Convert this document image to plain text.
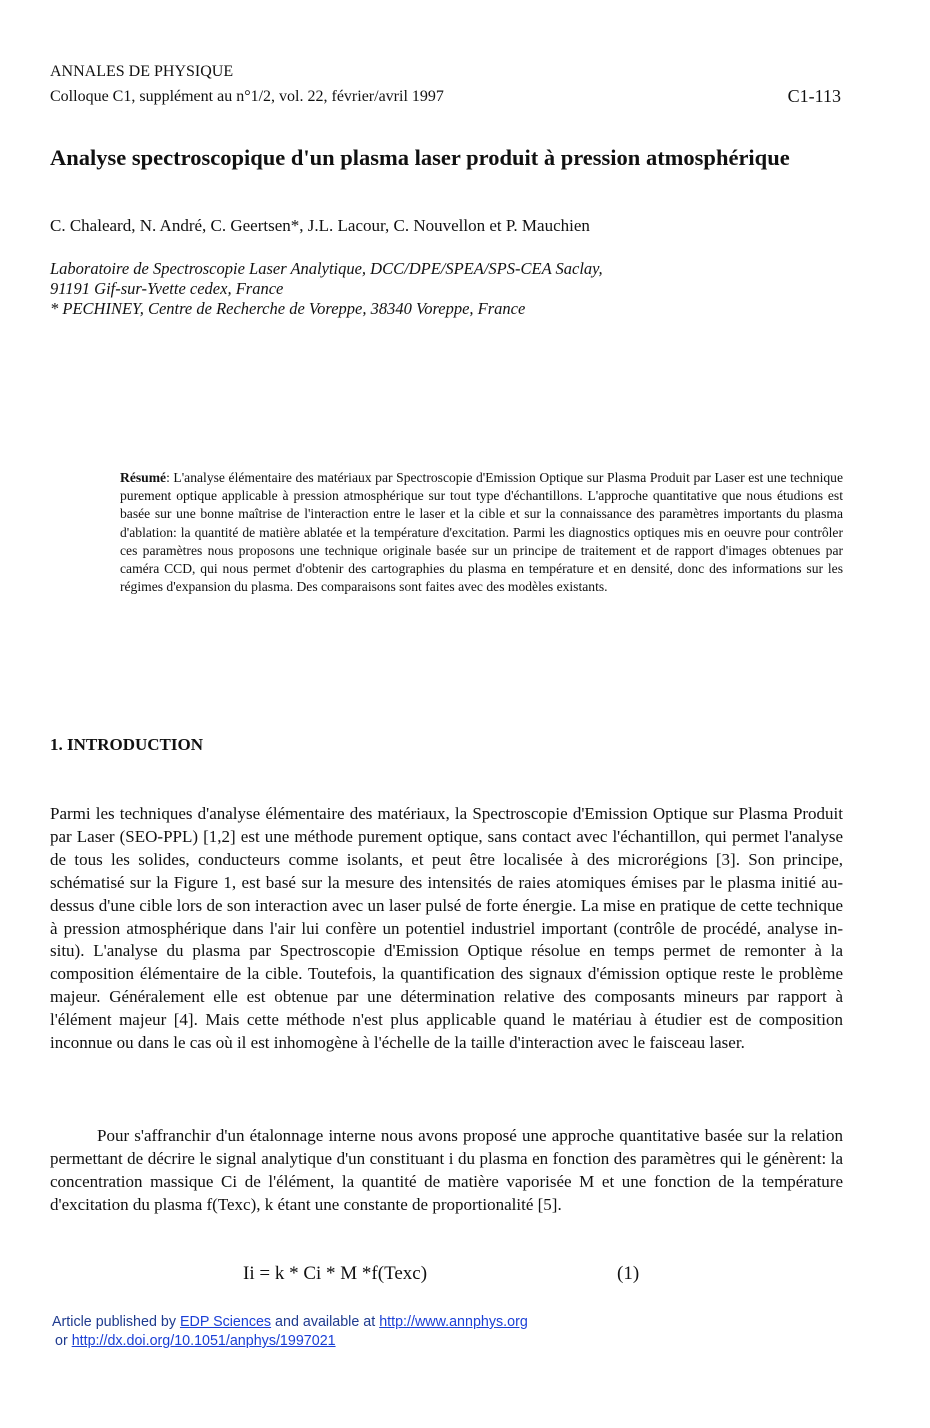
ANNALES DE PHYSIQUE
Colloque C1, supplément au n°1/2, vol. 22, février/avril 1997	C1-113
Analyse spectroscopique d'un plasma laser produit à pression atmosphérique
C. Chaleard, N. André, C. Geertsen*, J.L. Lacour, C. Nouvellon et P. Mauchien
Laboratoire de Spectroscopie Laser Analytique, DCC/DPE/SPEA/SPS-CEA Saclay,
91191 Gif-sur-Yvette cedex, France
* PECHINEY, Centre de Recherche de Voreppe, 38340 Voreppe, France
Résumé: L'analyse élémentaire des matériaux par Spectroscopie d'Emission Optique sur Plasma Produit par Laser est une technique purement optique applicable à pression atmosphérique sur tout type d'échantillons. L'approche quantitative que nous étudions est basée sur une bonne maîtrise de l'interaction entre le laser et la cible et sur la connaissance des paramètres importants du plasma d'ablation: la quantité de matière ablatée et la température d'excitation. Parmi les diagnostics optiques mis en oeuvre pour contrôler ces paramètres nous proposons une technique originale basée sur un principe de traitement et de rapport d'images obtenues par caméra CCD, qui nous permet d'obtenir des cartographies du plasma en température et en densité, donc des informations sur les régimes d'expansion du plasma. Des comparaisons sont faites avec des modèles existants.
1. INTRODUCTION
Parmi les techniques d'analyse élémentaire des matériaux, la Spectroscopie d'Emission Optique sur Plasma Produit par Laser (SEO-PPL) [1,2] est une méthode purement optique, sans contact avec l'échantillon, qui permet l'analyse de tous les solides, conducteurs comme isolants, et peut être localisée à des microrégions [3]. Son principe, schématisé sur la Figure 1, est basé sur la mesure des intensités de raies atomiques émises par le plasma initié au-dessus d'une cible lors de son interaction avec un laser pulsé de forte énergie. La mise en pratique de cette technique à pression atmosphérique dans l'air lui confère un potentiel industriel important (contrôle de procédé, analyse in-situ). L'analyse du plasma par Spectroscopie d'Emission Optique résolue en temps permet de remonter à la composition élémentaire de la cible. Toutefois, la quantification des signaux d'émission optique reste le problème majeur. Généralement elle est obtenue par une détermination relative des composants mineurs par rapport à l'élément majeur [4]. Mais cette méthode n'est plus applicable quand le matériau à étudier est de composition inconnue ou dans le cas où il est inhomogène à l'échelle de la taille d'interaction avec le faisceau laser.
Pour s'affranchir d'un étalonnage interne nous avons proposé une approche quantitative basée sur la relation permettant de décrire le signal analytique d'un constituant i du plasma en fonction des paramètres qui le génèrent: la concentration massique Ci de l'élément, la quantité de matière vaporisée M et une fonction de la température d'excitation du plasma f(Texc), k étant une constante de proportionalité [5].
Ii = k * Ci * M *f(Texc)	(1)
Article published by EDP Sciences and available at http://www.annphys.org
or http://dx.doi.org/10.1051/anphys/1997021
